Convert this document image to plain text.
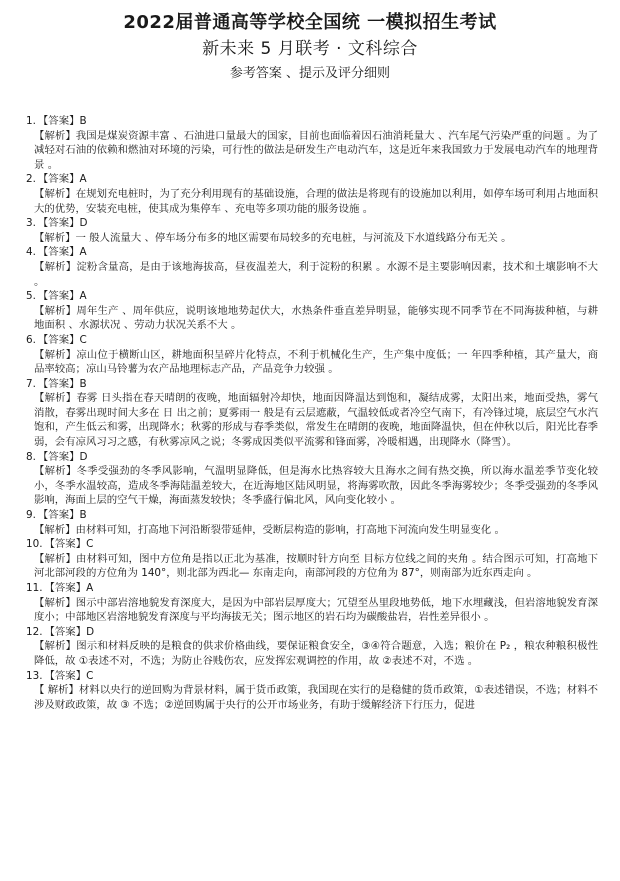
2022届普通高等学校全国统 一模拟招生考试
新未来 5 月联考 · 文科综合
参考答案 、提示及评分细则
1. 【答案】B
【解析】我国是煤炭资源丰富 、石油进口量最大的国家，目前也面临着因石油消耗量大 、汽车尾气污染严重的问题 。为了减轻对石油的依赖和燃油对环境的污染，可行性的做法是研发生产电动汽车，这是近年来我国致力于发展电动汽车的地理背景 。
2. 【答案】A
【解析】在规划充电桩时，为了充分利用现有的基础设施，合理的做法是将现有的设施加以利用，如停车场可利用占地面积大的优势，安装充电桩，使其成为集停车 、充电等多项功能的服务设施 。
3. 【答案】D
【解析】一 般人流量大 、停车场分布多的地区需要布局较多的充电桩，与河流及下水道线路分布无关 。
4. 【答案】A
【解析】淀粉含量高，是由于该地海拔高，昼夜温差大，利于淀粉的积累 。水源不是主要影响因素，技术和土壤影响不大 。
5. 【答案】A
【解析】周年生产 、周年供应，说明该地地势起伏大，水热条件垂直差异明显，能够实现不同季节在不同海拔种植，与耕地面积 、水源状况 、劳动力状况关系不大 。
6. 【答案】C
【解析】凉山位于横断山区，耕地面积呈碎片化特点，不利于机械化生产，生产集中度低；一 年四季种植，其产量大，商品率较高；凉山马铃薯为农产品地理标志产品，产品竞争力较强 。
7. 【答案】B
【解析】春雾 日头指在春天晴朗的夜晚，地面辐射冷却快，地面因降温达到饱和，凝结成雾，太阳出来，地面受热，雾气消散，春雾出现时间大多在 日 出之前；夏雾雨一 般是有云层遮蔽，气温较低或者冷空气南下，有冷锋过境，底层空气水汽饱和，产生低云和雾，出现降水；秋雾的形成与春季类似，常发生在晴朗的夜晚，地面降温快，但在仲秋以后，阳光比春季弱，会有凉风习习之感，有秋雾凉风之说；冬雾成因类似平流雾和锋面雾，冷暖相遇，出现降水（降雪）。
8. 【答案】D
【解析】冬季受强劲的冬季风影响，气温明显降低，但是海水比热容较大且海水之间有热交换，所以海水温差季节变化较小，冬季水温较高，造成冬季海陆温差较大，在近海地区陆风明显，将海雾吹散，因此冬季海雾较少；冬季受强劲的冬季风影响，海面上层的空气干燥，海面蒸发较快；冬季盛行偏北风，风向变化较小 。
9. 【答案】B
【解析】由材料可知，打高地下河沿断裂带延伸，受断层构造的影响，打高地下河流向发生明显变化 。
10. 【答案】C
【解析】由材料可知，图中方位角是指以正北为基准，按顺时针方向至 目标方位线之间的夹角 。结合图示可知，打高地下河北部河段的方位角为 140°，则北部为西北— 东南走向，南部河段的方位角为 87°，则南部为近东西走向 。
11. 【答案】A
【解析】图示中部岩溶地貌发育深度大，是因为中部岩层厚度大；冗望至丛里段地势低，地下水埋藏浅，但岩溶地貌发育深度小；中部地区岩溶地貌发育深度与平均海拔无关；图示地区的岩石均为碳酸盐岩，岩性差异很小 。
12. 【答案】D
【解析】图示和材料反映的是粮食的供求价格曲线，要保证粮食安全，③④符合题意，入选；粮价在 P₂ ，粮农种粮积极性降低，故 ①表述不对，不选；为防止谷贱伤农，应发挥宏观调控的作用，故 ②表述不对，不选 。
13. 【答案】C
【 解析】材料以央行的逆回购为背景材料，属于货币政策，我国现在实行的是稳健的货币政策，①表述错误，不选；材料不涉及财政政策，故 ③ 不选；②逆回购属于央行的公开市场业务，有助于缓解经济下行压力，促进
